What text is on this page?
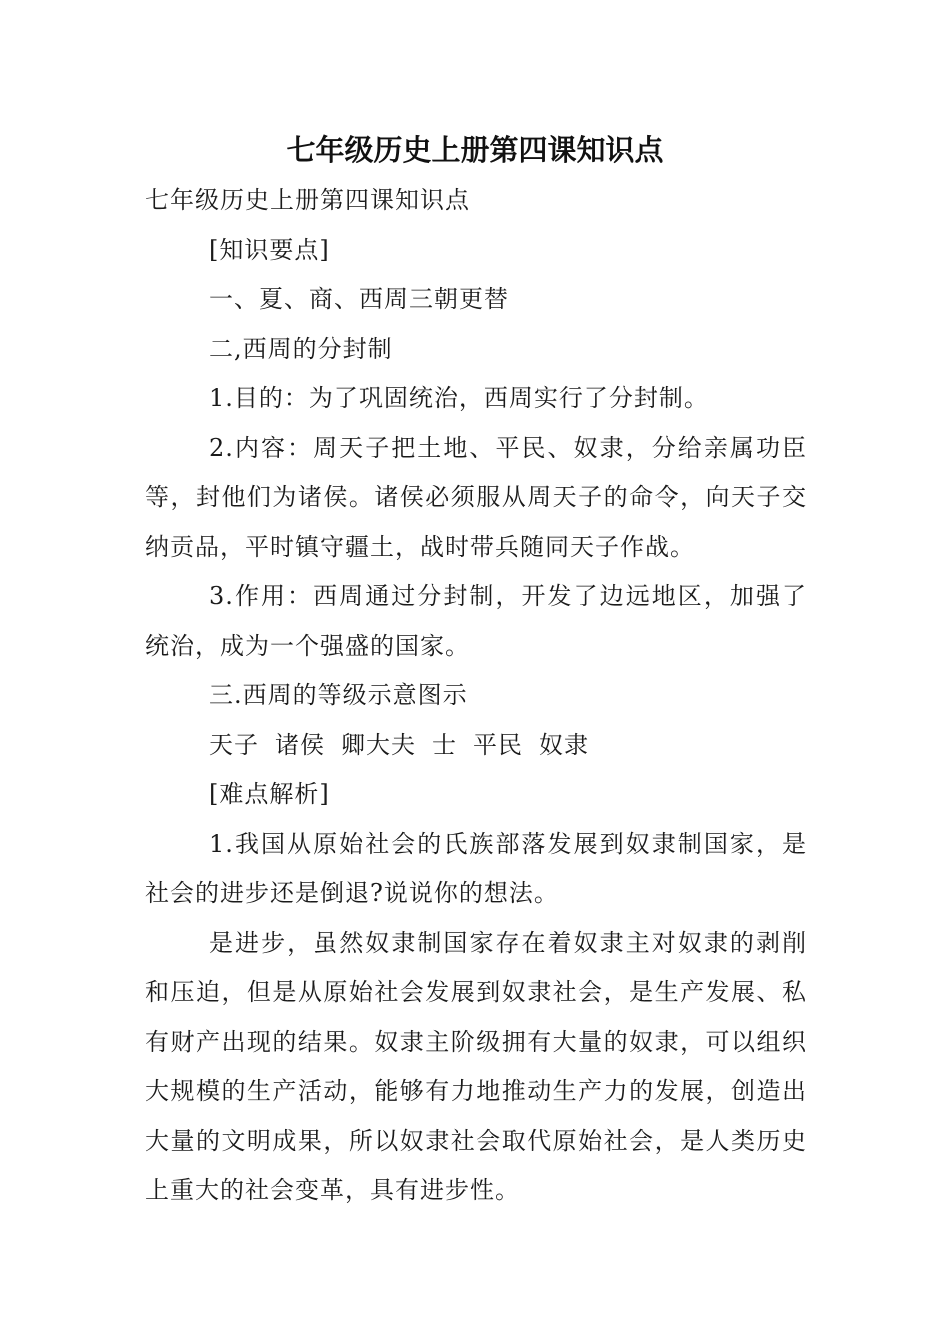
七年级历史上册第四课知识点

七年级历史上册第四课知识点

[知识要点]

一、夏、商、西周三朝更替

二,西周的分封制

1.目的：为了巩固统治，西周实行了分封制。

2.内容：周天子把土地、平民、奴隶，分给亲属功臣等，封他们为诸侯。诸侯必须服从周天子的命令，向天子交纳贡品，平时镇守疆土，战时带兵随同天子作战。

3.作用：西周通过分封制，开发了边远地区，加强了统治，成为一个强盛的国家。

三.西周的等级示意图示

天子 诸侯 卿大夫 士 平民 奴隶

[难点解析]

1.我国从原始社会的氏族部落发展到奴隶制国家，是社会的进步还是倒退?说说你的想法。

是进步，虽然奴隶制国家存在着奴隶主对奴隶的剥削和压迫，但是从原始社会发展到奴隶社会，是生产发展、私有财产出现的结果。奴隶主阶级拥有大量的奴隶，可以组织大规模的生产活动，能够有力地推动生产力的发展，创造出大量的文明成果，所以奴隶社会取代原始社会，是人类历史上重大的社会变革，具有进步性。
